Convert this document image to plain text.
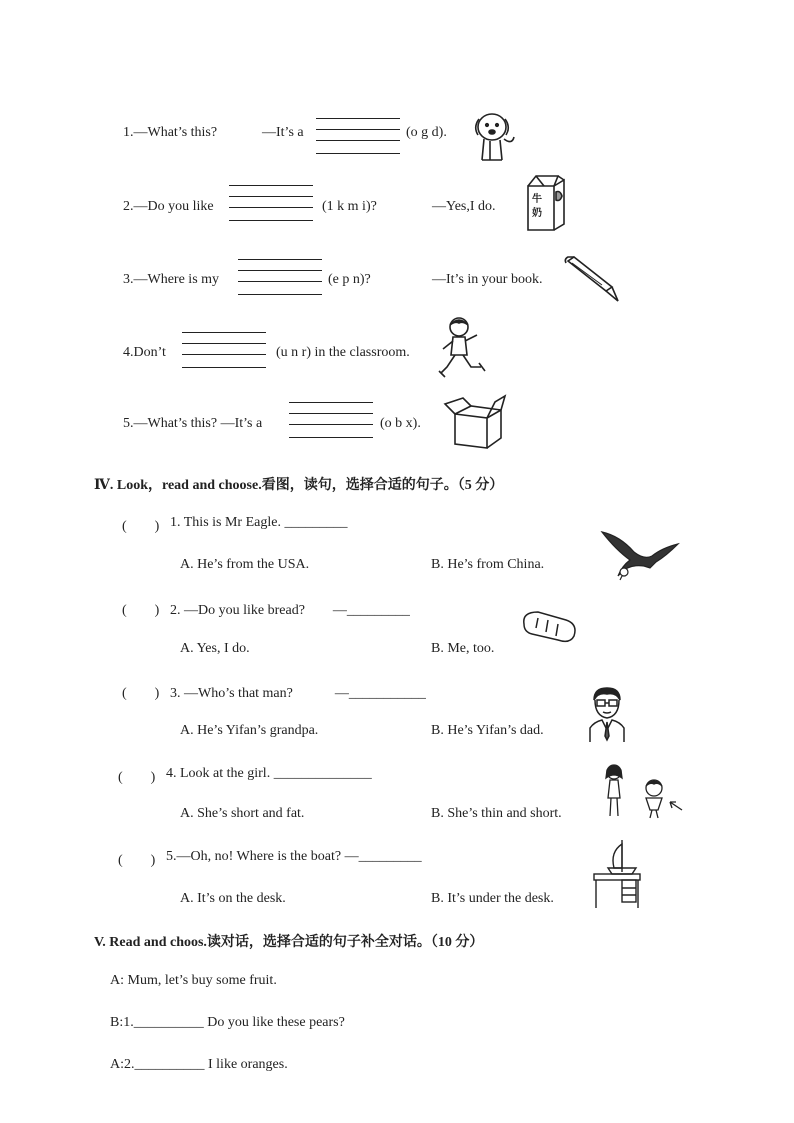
1.—What’s this?	—It’s a	(o g d).
2.—Do you like	(1 k m i)?	—Yes,I do.	牛
奶
3.—Where is my	(e p n)?	—It’s in your book.
4.Don’t	(u n r) in the classroom.
5.—What’s this? —It’s a	(o b x).
Ⅳ. Look，read and choose.看图，读句，选择合适的句子。（5 分）
(　　) 1. This is Mr Eagle. _________
A. He’s from the USA.	B. He’s from China.
(　　) 2. —Do you like bread?　　—_________
A. Yes, I do.	B. Me, too.
(　　) 3. —Who’s that man?　　　—___________
A. He’s Yifan’s grandpa.	B. He’s Yifan’s dad.
(　　) 4. Look at the girl. ______________
A. She’s short and fat.	B. She’s thin and short.
(　　) 5.—Oh, no! Where is the boat? —_________
A. It’s on the desk.	B. It’s under the desk.
V. Read and choos.读对话，选择合适的句子补全对话。（10 分）
A: Mum, let’s buy some fruit.
B:1.__________ Do you like these pears?
A:2.__________ I like oranges.
